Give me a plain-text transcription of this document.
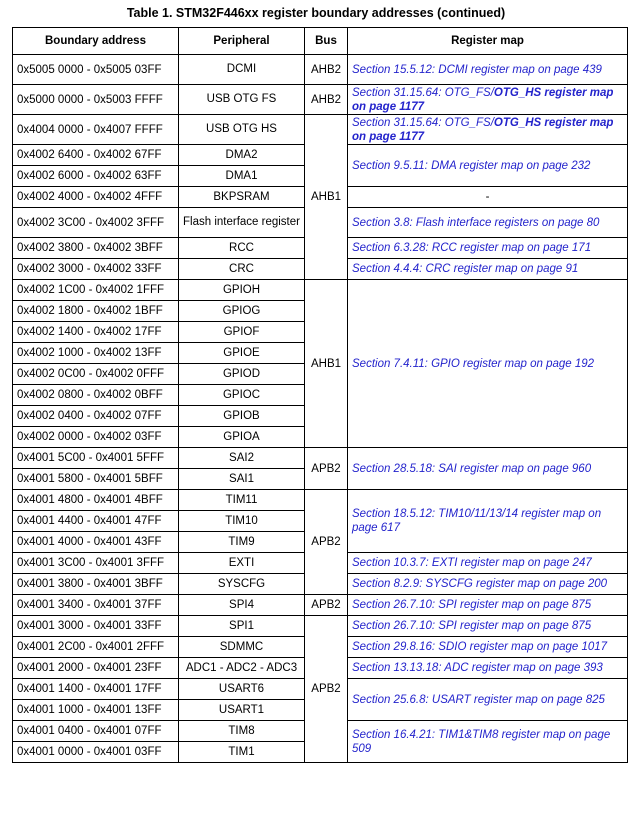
Table 1. STM32F446xx register boundary addresses (continued)
Boundary address	Peripheral	Bus	Register map
0x5005 0000 - 0x5005 03FF	DCMI	AHB2	Section 15.5.12: DCMI register map on page 439
0x5000 0000 - 0x5003 FFFF	USB OTG FS	AHB2	Section 31.15.64: OTG_FS/OTG_HS register map on page 1177
0x4004 0000 - 0x4007 FFFF	USB OTG HS	AHB1	Section 31.15.64: OTG_FS/OTG_HS register map on page 1177
0x4002 6400 - 0x4002 67FF	DMA2		Section 9.5.11: DMA register map on page 232
0x4002 6000 - 0x4002 63FF	DMA1		
0x4002 4000 - 0x4002 4FFF	BKPSRAM		-
0x4002 3C00 - 0x4002 3FFF	Flash interface register		Section 3.8: Flash interface registers on page 80
0x4002 3800 - 0x4002 3BFF	RCC		Section 6.3.28: RCC register map on page 171
0x4002 3000 - 0x4002 33FF	CRC		Section 4.4.4: CRC register map on page 91
0x4002 1C00 - 0x4002 1FFF	GPIOH	AHB1	Section 7.4.11: GPIO register map on page 192
0x4002 1800 - 0x4002 1BFF	GPIOG		
0x4002 1400 - 0x4002 17FF	GPIOF		
0x4002 1000 - 0x4002 13FF	GPIOE		
0x4002 0C00 - 0x4002 0FFF	GPIOD		
0x4002 0800 - 0x4002 0BFF	GPIOC		
0x4002 0400 - 0x4002 07FF	GPIOB		
0x4002 0000 - 0x4002 03FF	GPIOA		
0x4001 5C00 - 0x4001 5FFF	SAI2	APB2	Section 28.5.18: SAI register map on page 960
0x4001 5800 - 0x4001 5BFF	SAI1		
0x4001 4800 - 0x4001 4BFF	TIM11	APB2	Section 18.5.12: TIM10/11/13/14 register map on page 617
0x4001 4400 - 0x4001 47FF	TIM10		
0x4001 4000 - 0x4001 43FF	TIM9		
0x4001 3C00 - 0x4001 3FFF	EXTI		Section 10.3.7: EXTI register map on page 247
0x4001 3800 - 0x4001 3BFF	SYSCFG		Section 8.2.9: SYSCFG register map on page 200
0x4001 3400 - 0x4001 37FF	SPI4	APB2	Section 26.7.10: SPI register map on page 875
0x4001 3000 - 0x4001 33FF	SPI1	APB2	Section 26.7.10: SPI register map on page 875
0x4001 2C00 - 0x4001 2FFF	SDMMC		Section 29.8.16: SDIO register map on page 1017
0x4001 2000 - 0x4001 23FF	ADC1 - ADC2 - ADC3		Section 13.13.18: ADC register map on page 393
0x4001 1400 - 0x4001 17FF	USART6		Section 25.6.8: USART register map on page 825
0x4001 1000 - 0x4001 13FF	USART1		
0x4001 0400 - 0x4001 07FF	TIM8		Section 16.4.21: TIM1&TIM8 register map on page 509
0x4001 0000 - 0x4001 03FF	TIM1		
